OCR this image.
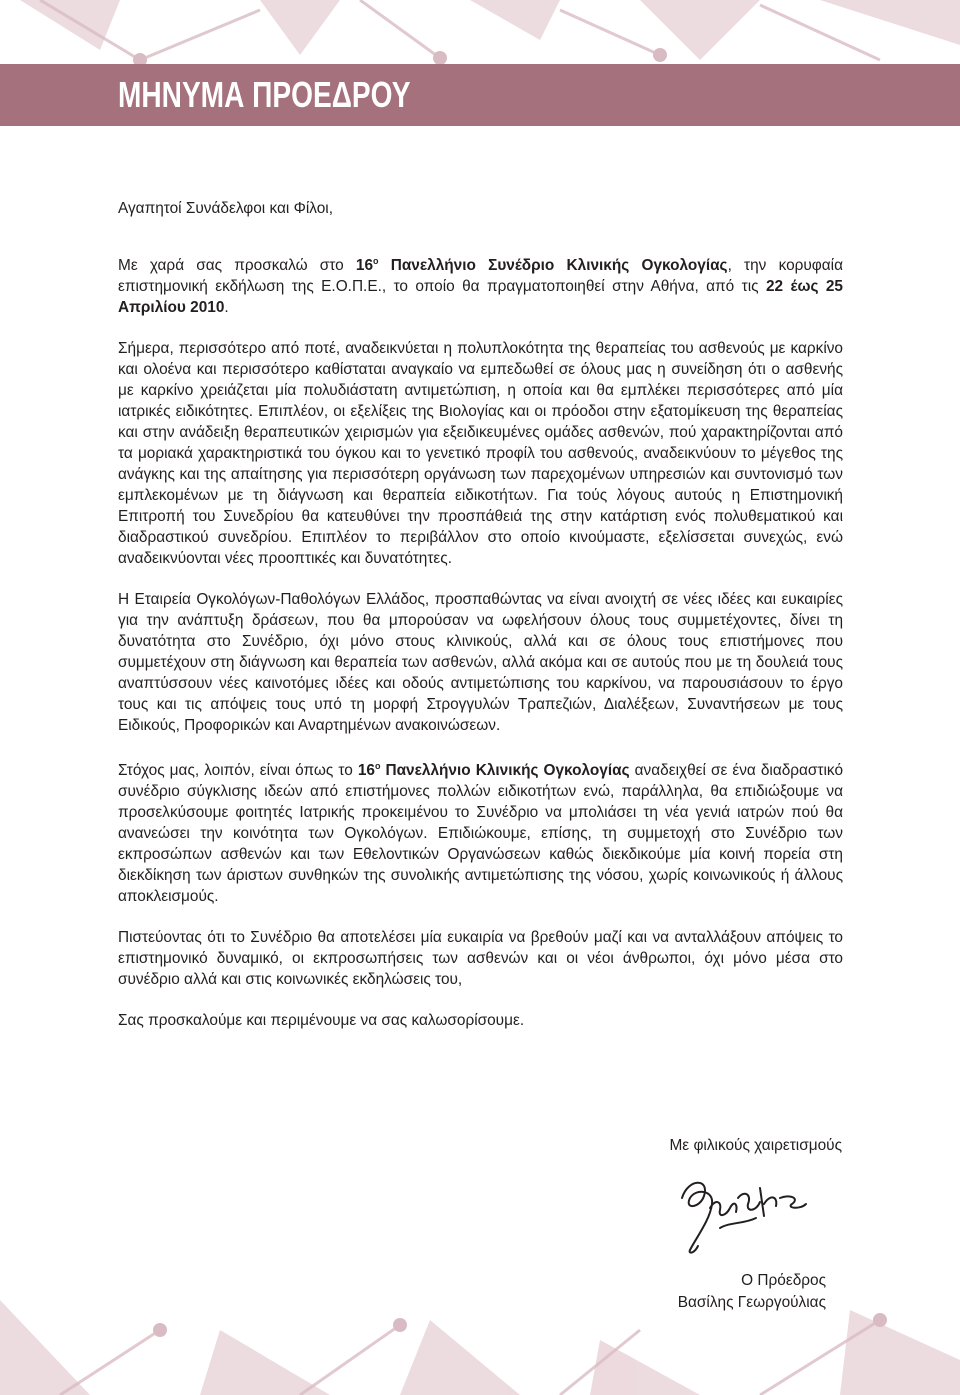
ΜΗΝΥΜΑ ΠΡΟΕΔΡΟΥ

Αγαπητοί Συνάδελφοι και Φίλοι,

Με χαρά σας προσκαλώ στο $16^o$ Πανελλήνιο Συνέδριο Κλινικής Ογκολογίας, την κορυφαία επιστημονική εκδήλωση της Ε.Ο.Π.Ε., το οποίο θα πραγματοποιηθεί στην Αθήνα, από τις 22 έως 25 Απριλίου 2010.

Σήμερα, περισσότερο από ποτέ, αναδεικνύεται η πολυπλοκότητα της θεραπείας του ασθενούς με καρκίνο και ολοένα και περισσότερο καθίσταται αναγκαίο να εμπεδωθεί σε όλους μας η συνείδηση ότι ο ασθενής με καρκίνο χρειάζεται μία πολυδιάστατη αντιμετώπιση, η οποία και θα εμπλέκει περισσότερες από μία ιατρικές ειδικότητες. Επιπλέον, οι εξελίξεις της Βιολογίας και οι πρόοδοι στην εξατομίκευση της θεραπείας και στην ανάδειξη θεραπευτικών χειρισμών για εξειδικευμένες ομάδες ασθενών, πού χαρακτηρίζονται από τα μοριακά χαρακτηριστικά του όγκου και το γενετικό προφίλ του ασθενούς, αναδεικνύουν το μέγεθος της ανάγκης και της απαίτησης για περισσότερη οργάνωση των παρεχομένων υπηρεσιών και συντονισμό των εμπλεκομένων με τη διάγνωση και θεραπεία ειδικοτήτων. Για τούς λόγους αυτούς η Επιστημονική Επιτροπή του Συνεδρίου θα κατευθύνει την προσπάθειά της στην κατάρτιση ενός πολυθεματικού και διαδραστικού συνεδρίου. Επιπλέον το περιβάλλον στο οποίο κινούμαστε, εξελίσσεται συνεχώς, ενώ αναδεικνύονται νέες προοπτικές και δυνατότητες.

Η Εταιρεία Ογκολόγων-Παθολόγων Ελλάδος, προσπαθώντας να είναι ανοιχτή σε νέες ιδέες και ευκαιρίες για την ανάπτυξη δράσεων, που θα μπορούσαν να ωφελήσουν όλους τους συμμετέχοντες, δίνει τη δυνατότητα στο Συνέδριο, όχι μόνο στους κλινικούς, αλλά και σε όλους τους επιστήμονες που συμμετέχουν στη διάγνωση και θεραπεία των ασθενών, αλλά ακόμα και σε αυτούς που με τη δουλειά τους αναπτύσσουν νέες καινοτόμες ιδέες και οδούς αντιμετώπισης του καρκίνου, να παρουσιάσουν το έργο τους και τις απόψεις τους υπό τη μορφή Στρογγυλών Τραπεζιών, Διαλέξεων, Συναντήσεων με τους Ειδικούς, Προφορικών και Αναρτημένων ανακοινώσεων.

Στόχος μας, λοιπόν, είναι όπως το $16^o$ Πανελλήνιο Κλινικής Ογκολογίας αναδειχθεί σε ένα διαδραστικό συνέδριο σύγκλισης ιδεών από επιστήμονες πολλών ειδικοτήτων ενώ, παράλληλα, θα επιδιώξουμε να προσελκύσουμε φοιτητές Ιατρικής προκειμένου το Συνέδριο να μπολιάσει τη νέα γενιά ιατρών πού θα ανανεώσει την κοινότητα των Ογκολόγων. Επιδιώκουμε, επίσης, τη συμμετοχή στο Συνέδριο των εκπροσώπων ασθενών και των Εθελοντικών Οργανώσεων καθώς διεκδικούμε μία κοινή πορεία στη διεκδίκηση των άριστων συνθηκών της συνολικής αντιμετώπισης της νόσου, χωρίς κοινωνικούς ή άλλους αποκλεισμούς.

Πιστεύοντας ότι το Συνέδριο θα αποτελέσει μία ευκαιρία να βρεθούν μαζί και να ανταλλάξουν απόψεις το επιστημονικό δυναμικό, οι εκπροσωπήσεις των ασθενών και οι νέοι άνθρωποι, όχι μόνο μέσα στο συνέδριο αλλά και στις κοινωνικές εκδηλώσεις του,

Σας προσκαλούμε και περιμένουμε να σας καλωσορίσουμε.

Με φιλικούς χαιρετισμούς
Ο Πρόεδρος
Βασίλης Γεωργούλιας
